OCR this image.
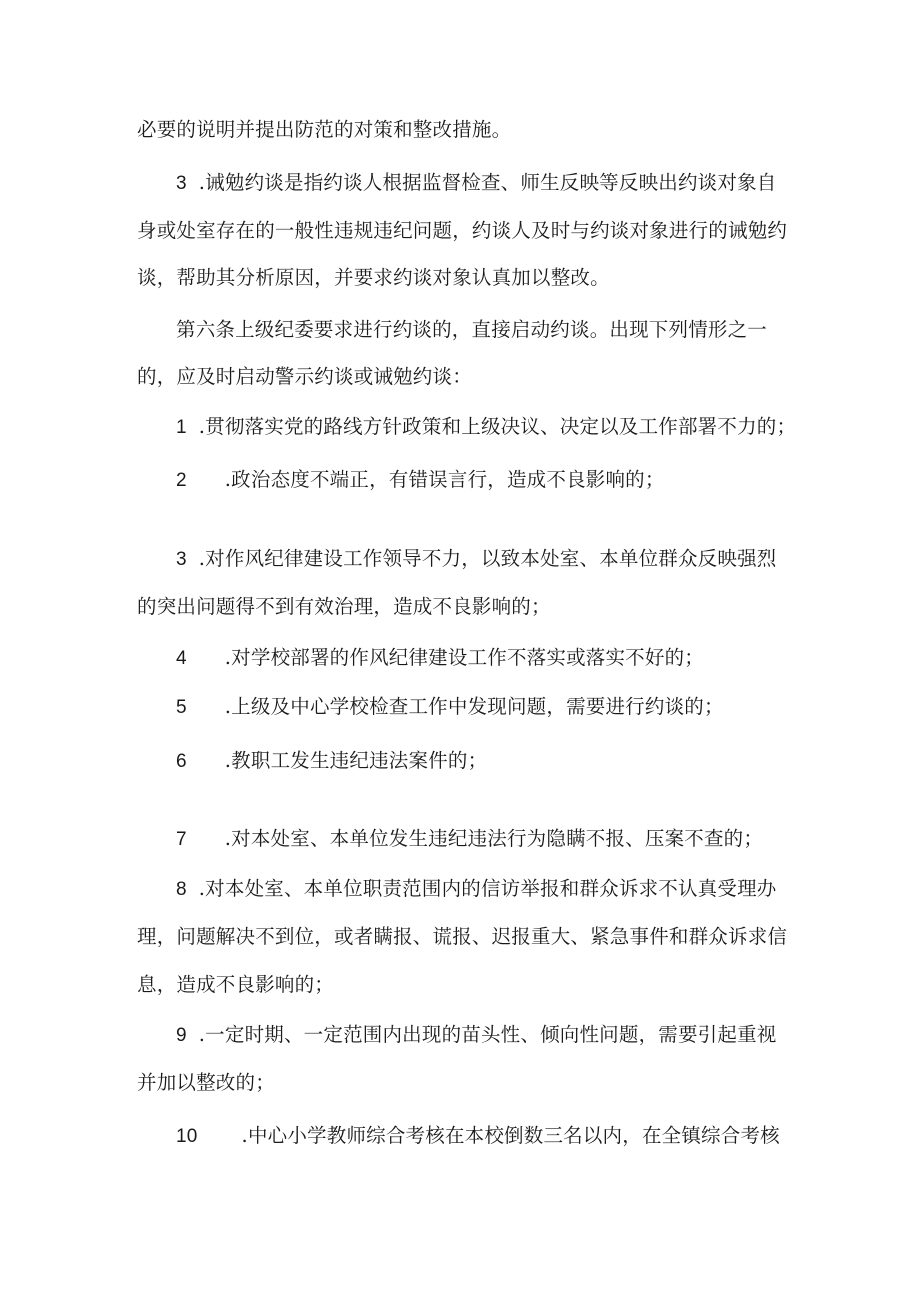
必要的说明并提出防范的对策和整改措施。
3 .诫勉约谈是指约谈人根据监督检查、师生反映等反映出约谈对象自
身或处室存在的一般性违规违纪问题，约谈人及时与约谈对象进行的诫勉约
谈，帮助其分析原因，并要求约谈对象认真加以整改。
第六条上级纪委要求进行约谈的，直接启动约谈。出现下列情形之一
的，应及时启动警示约谈或诫勉约谈：
1 .贯彻落实党的路线方针政策和上级决议、决定以及工作部署不力的；
2 .政治态度不端正，有错误言行，造成不良影响的；
3 .对作风纪律建设工作领导不力，以致本处室、本单位群众反映强烈
的突出问题得不到有效治理，造成不良影响的；
4 .对学校部署的作风纪律建设工作不落实或落实不好的；
5 .上级及中心学校检查工作中发现问题，需要进行约谈的；
6 .教职工发生违纪违法案件的；
7 .对本处室、本单位发生违纪违法行为隐瞒不报、压案不查的；
8 .对本处室、本单位职责范围内的信访举报和群众诉求不认真受理办
理，问题解决不到位，或者瞒报、谎报、迟报重大、紧急事件和群众诉求信
息，造成不良影响的；
9 .一定时期、一定范围内出现的苗头性、倾向性问题，需要引起重视
并加以整改的；
10 .中心小学教师综合考核在本校倒数三名以内，在全镇综合考核
